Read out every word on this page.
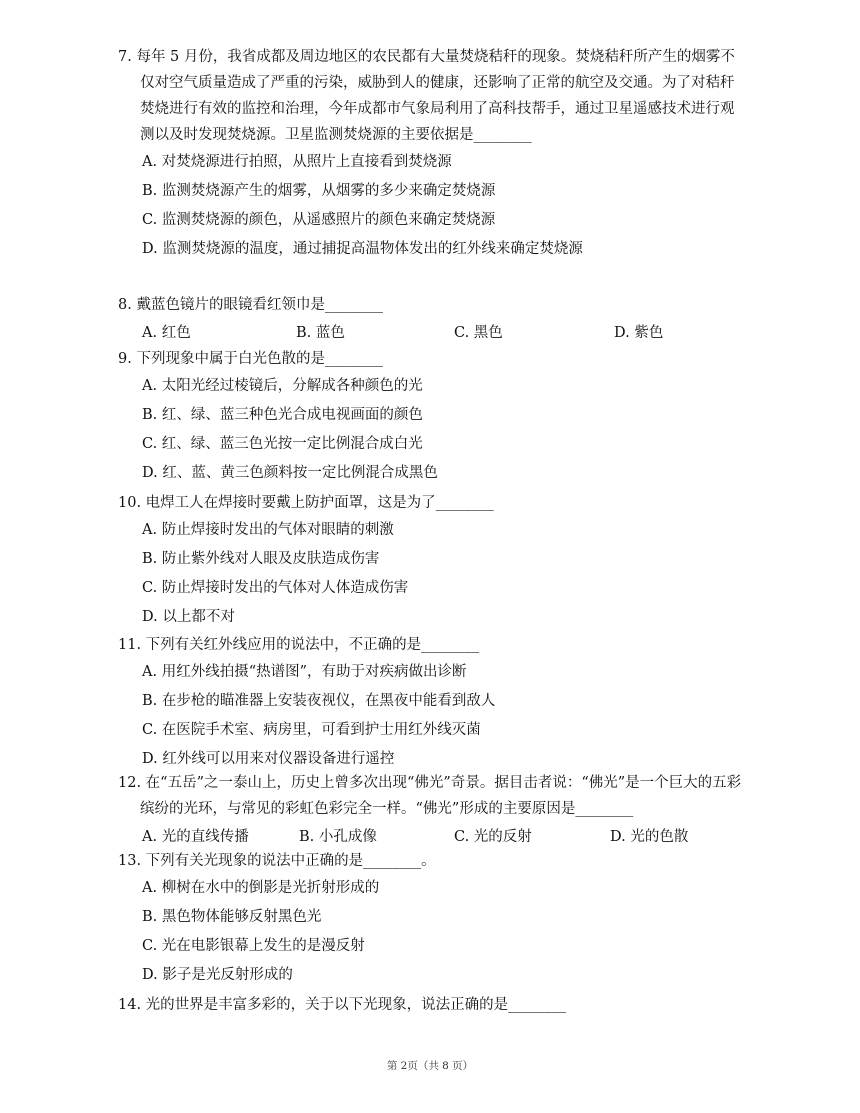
7. 每年 5 月份，我省成都及周边地区的农民都有大量焚烧秸秆的现象。焚烧秸秆所产生的烟雾不仅对空气质量造成了严重的污染，威胁到人的健康，还影响了正常的航空及交通。为了对秸秆焚烧进行有效的监控和治理，今年成都市气象局利用了高科技帮手，通过卫星遥感技术进行观测以及时发现焚烧源。卫星监测焚烧源的主要依据是________
A. 对焚烧源进行拍照，从照片上直接看到焚烧源
B. 监测焚烧源产生的烟雾，从烟雾的多少来确定焚烧源
C. 监测焚烧源的颜色，从遥感照片的颜色来确定焚烧源
D. 监测焚烧源的温度，通过捕捉高温物体发出的红外线来确定焚烧源
8. 戴蓝色镜片的眼镜看红领巾是________
A. 红色	B. 蓝色	C. 黑色	D. 紫色
9. 下列现象中属于白光色散的是________
A. 太阳光经过棱镜后，分解成各种颜色的光
B. 红、绿、蓝三种色光合成电视画面的颜色
C. 红、绿、蓝三色光按一定比例混合成白光
D. 红、蓝、黄三色颜料按一定比例混合成黑色
10. 电焊工人在焊接时要戴上防护面罩，这是为了________
A. 防止焊接时发出的气体对眼睛的刺激
B. 防止紫外线对人眼及皮肤造成伤害
C. 防止焊接时发出的气体对人体造成伤害
D. 以上都不对
11. 下列有关红外线应用的说法中，不正确的是________
A. 用红外线拍摄“热谱图”，有助于对疾病做出诊断
B. 在步枪的瞄准器上安装夜视仪，在黑夜中能看到敌人
C. 在医院手术室、病房里，可看到护士用红外线灭菌
D. 红外线可以用来对仪器设备进行遥控
12. 在“五岳”之一泰山上，历史上曾多次出现“佛光”奇景。据目击者说：“佛光”是一个巨大的五彩缤纷的光环，与常见的彩虹色彩完全一样。“佛光”形成的主要原因是________
A. 光的直线传播	B. 小孔成像	C. 光的反射	D. 光的色散
13. 下列有关光现象的说法中正确的是________。
A. 柳树在水中的倒影是光折射形成的
B. 黑色物体能够反射黑色光
C. 光在电影银幕上发生的是漫反射
D. 影子是光反射形成的
14. 光的世界是丰富多彩的，关于以下光现象，说法正确的是________
第 2页（共 8 页）
